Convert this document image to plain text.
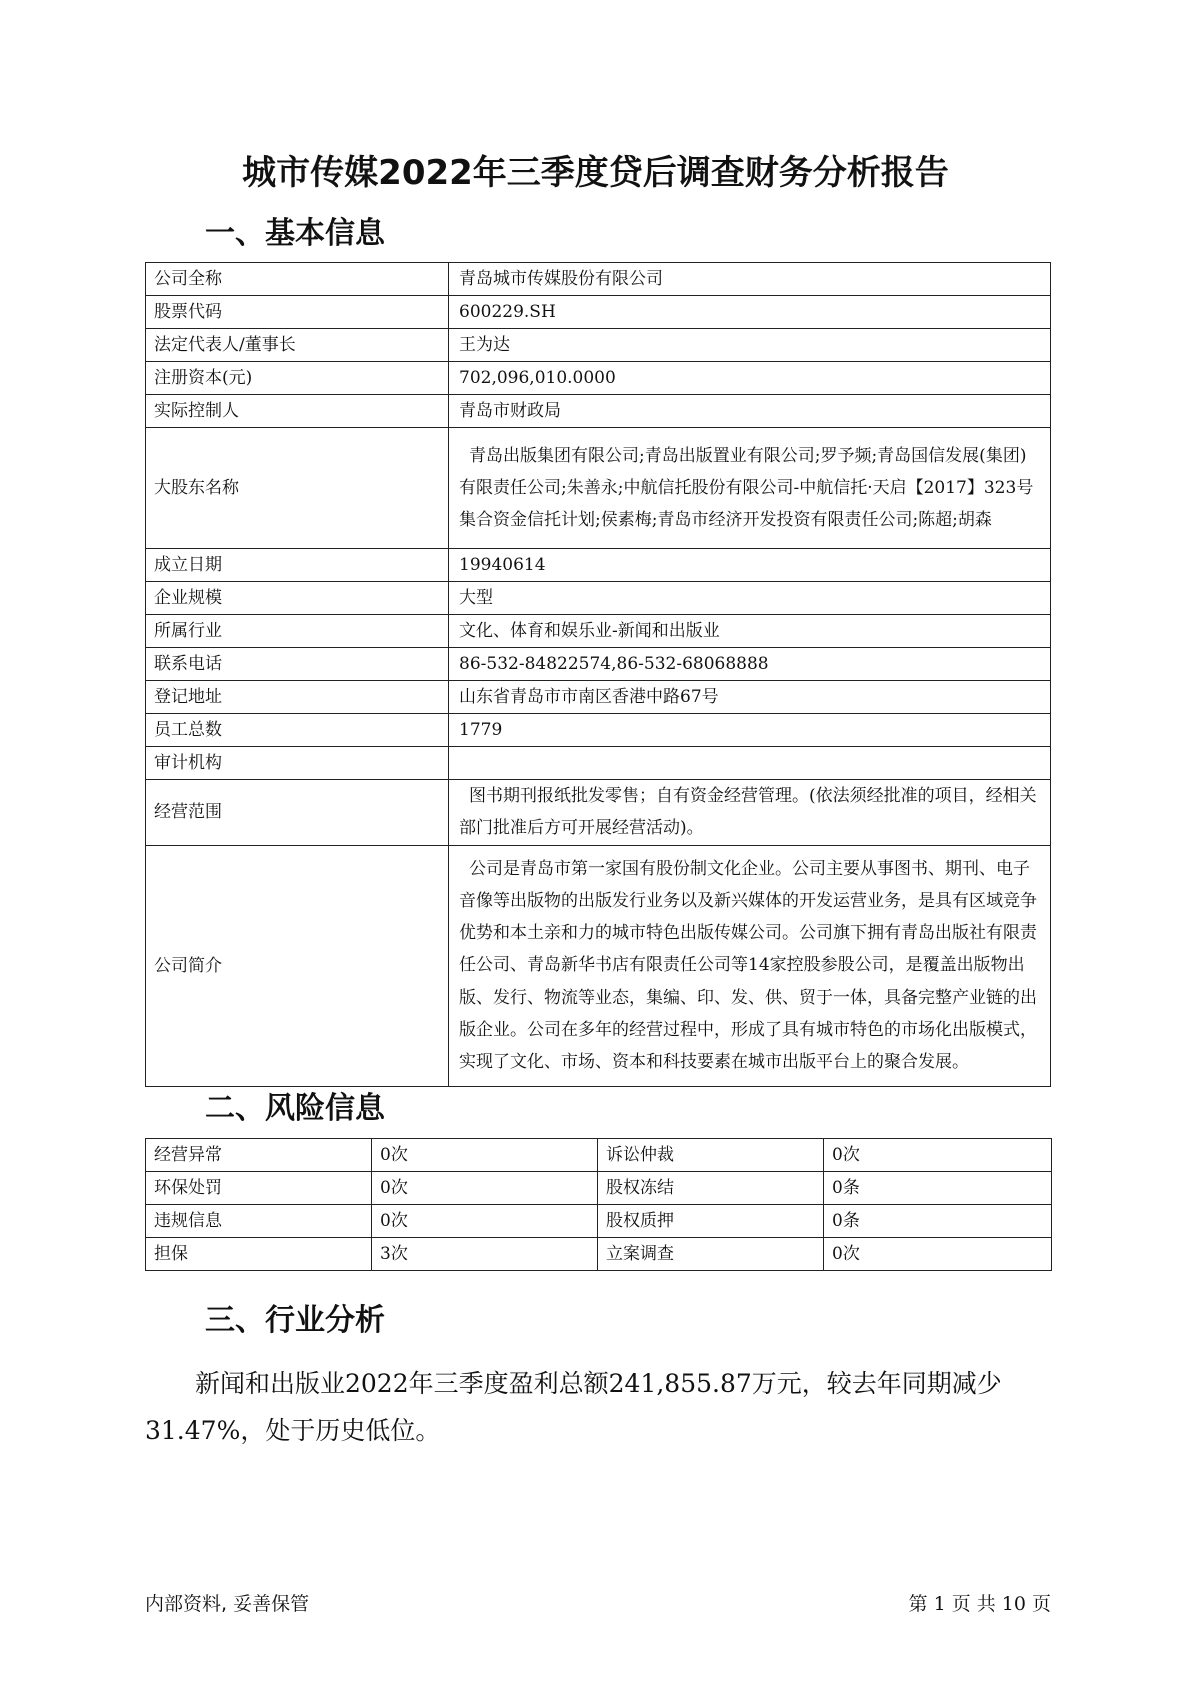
城市传媒2022年三季度贷后调查财务分析报告
一、基本信息
公司全称	青岛城市传媒股份有限公司
股票代码	600229.SH
法定代表人/董事长	王为达
注册资本(元)	702,096,010.0000
实际控制人	青岛市财政局
大股东名称	青岛出版集团有限公司;青岛出版置业有限公司;罗予频;青岛国信发展(集团)有限责任公司;朱善永;中航信托股份有限公司-中航信托·天启【2017】323号集合资金信托计划;侯素梅;青岛市经济开发投资有限责任公司;陈超;胡森
成立日期	19940614
企业规模	大型
所属行业	文化、体育和娱乐业-新闻和出版业
联系电话	86-532-84822574,86-532-68068888
登记地址	山东省青岛市市南区香港中路67号
员工总数	1779
审计机构	
经营范围	图书期刊报纸批发零售；自有资金经营管理。(依法须经批准的项目，经相关部门批准后方可开展经营活动)。
公司简介	公司是青岛市第一家国有股份制文化企业。公司主要从事图书、期刊、电子音像等出版物的出版发行业务以及新兴媒体的开发运营业务，是具有区域竞争优势和本土亲和力的城市特色出版传媒公司。公司旗下拥有青岛出版社有限责任公司、青岛新华书店有限责任公司等14家控股参股公司，是覆盖出版物出版、发行、物流等业态，集编、印、发、供、贸于一体，具备完整产业链的出版企业。公司在多年的经营过程中，形成了具有城市特色的市场化出版模式，实现了文化、市场、资本和科技要素在城市出版平台上的聚合发展。
二、风险信息
经营异常	0次	诉讼仲裁	0次
环保处罚	0次	股权冻结	0条
违规信息	0次	股权质押	0条
担保	3次	立案调查	0次
三、行业分析

新闻和出版业2022年三季度盈利总额241,855.87万元，较去年同期减少31.47%，处于历史低位。

内部资料, 妥善保管	第 1 页 共 10 页
